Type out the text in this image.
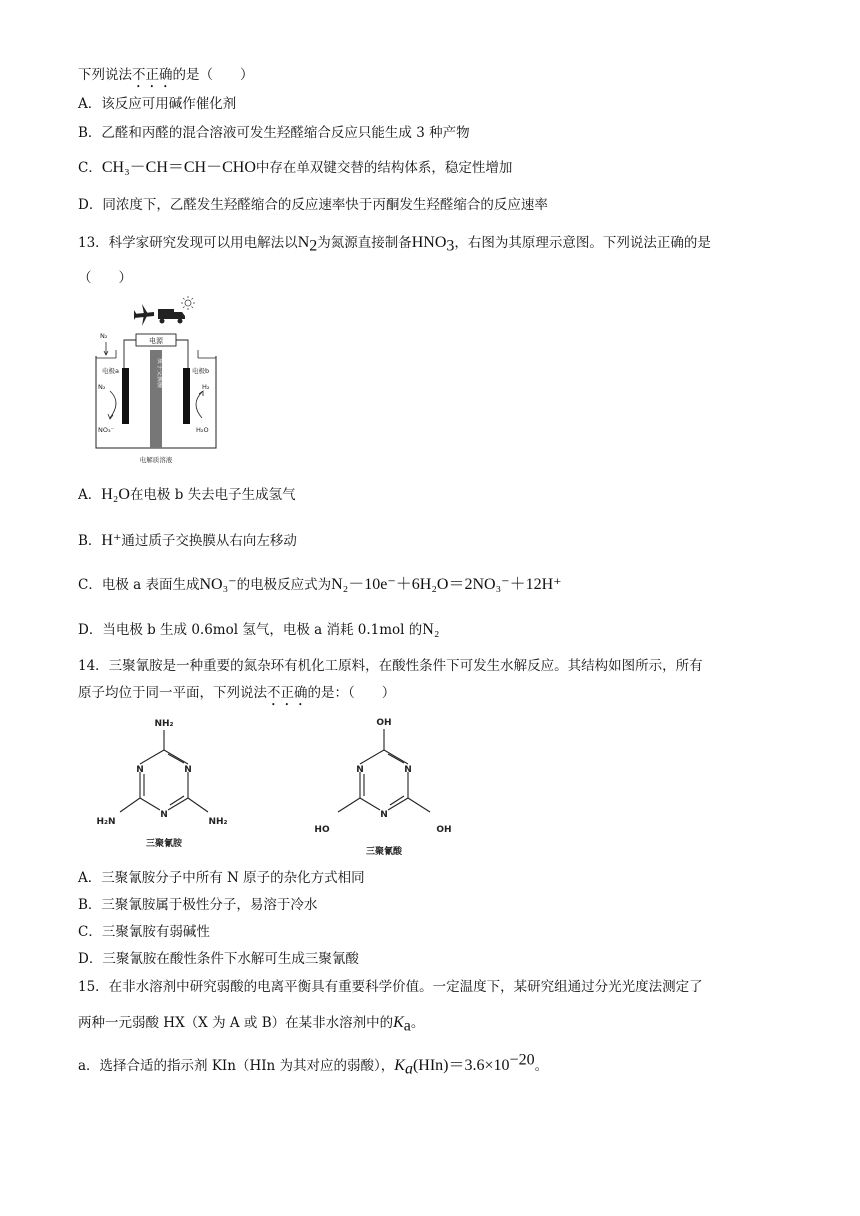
下列说法不正确的是（　　）
A．该反应可用碱作催化剂
B．乙醛和丙醛的混合溶液可发生羟醛缩合反应只能生成 3 种产物
C．CH₃－CH＝CH－CHO中存在单双键交替的结构体系，稳定性增加
D．同浓度下，乙醛发生羟醛缩合的反应速率快于丙酮发生羟醛缩合的反应速率
13．科学家研究发现可以用电解法以$N_2$为氮源直接制备$HNO_3$，右图为其原理示意图。下列说法正确的是
（　　）
电源
N₂
电极a	电极b
质子交换膜
N₂
NO₃⁻
H₂
H₂O
电解质溶液
A．H₂O在电极 b 失去电子生成氢气
B．H⁺通过质子交换膜从右向左移动
C．电极 a 表面生成NO₃⁻的电极反应式为N₂－10e⁻＋6H₂O＝2NO₃⁻＋12H⁺
D．当电极 b 生成 0.6mol 氢气，电极 a 消耗 0.1mol 的N₂
14．三聚氰胺是一种重要的氮杂环有机化工原料，在酸性条件下可发生水解反应。其结构如图所示，所有
原子均位于同一平面，下列说法不正确的是：（　　）
NH₂
N
N
N
NH₂
H₂N
三聚氰胺
OH
N
N
N
OH
HO
三聚氰酸
A．三聚氰胺分子中所有 N 原子的杂化方式相同
B．三聚氰胺属于极性分子，易溶于冷水
C．三聚氰胺有弱碱性
D．三聚氰胺在酸性条件下水解可生成三聚氰酸
15．在非水溶剂中研究弱酸的电离平衡具有重要科学价值。一定温度下，某研究组通过分光光度法测定了
两种一元弱酸 HX（X 为 A 或 B）在某非水溶剂中的$K_a$。
a．选择合适的指示剂 KIn（HIn 为其对应的弱酸），$K_a(HIn)=3.6\times 10^{-20}$。
